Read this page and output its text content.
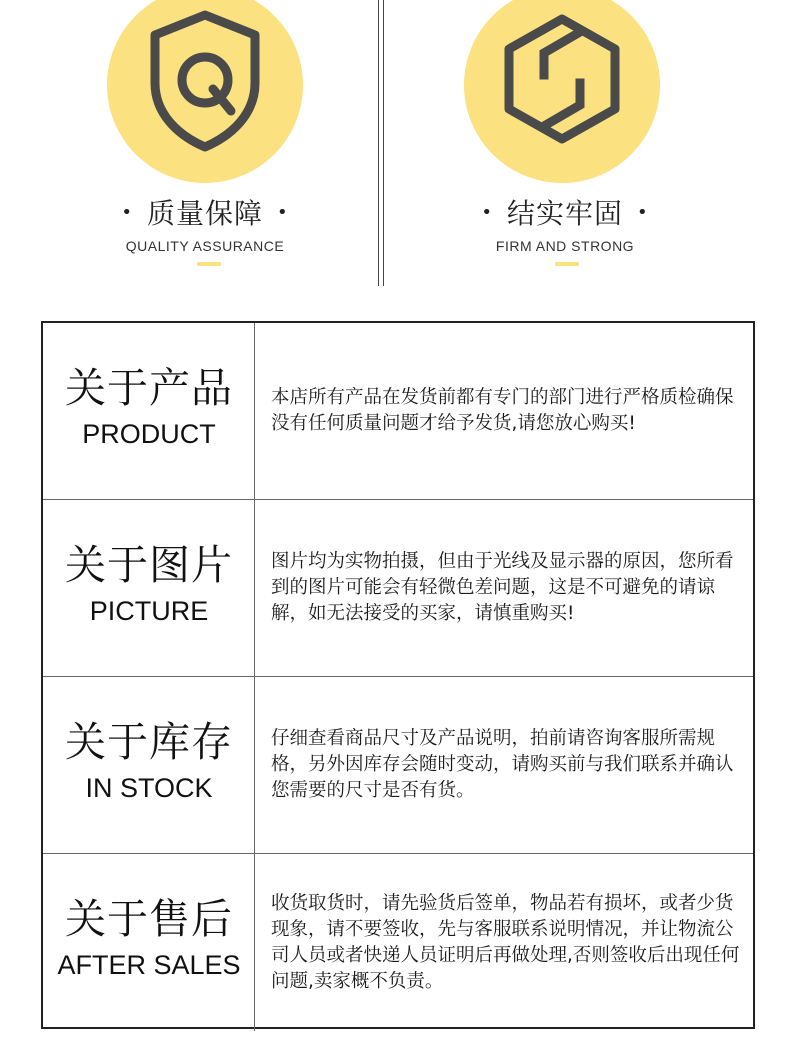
• 质量保障 •
QUALITY ASSURANCE
• 结实牢固 •
FIRM AND STRONG
关于产品
PRODUCT

本店所有产品在发货前都有专门的部门进行严格质检确保没有任何质量问题才给予发货,请您放心购买!

关于图片
PICTURE

图片均为实物拍摄，但由于光线及显示器的原因，您所看到的图片可能会有轻微色差问题，这是不可避免的请谅解，如无法接受的买家，请慎重购买!

关于库存
IN STOCK

仔细查看商品尺寸及产品说明，拍前请咨询客服所需规格，另外因库存会随时变动，请购买前与我们联系并确认您需要的尺寸是否有货。

关于售后
AFTER SALES

收货取货时，请先验货后签单，物品若有损坏，或者少货现象，请不要签收，先与客服联系说明情况，并让物流公司人员或者快递人员证明后再做处理,否则签收后出现任何问题,卖家概不负责。
